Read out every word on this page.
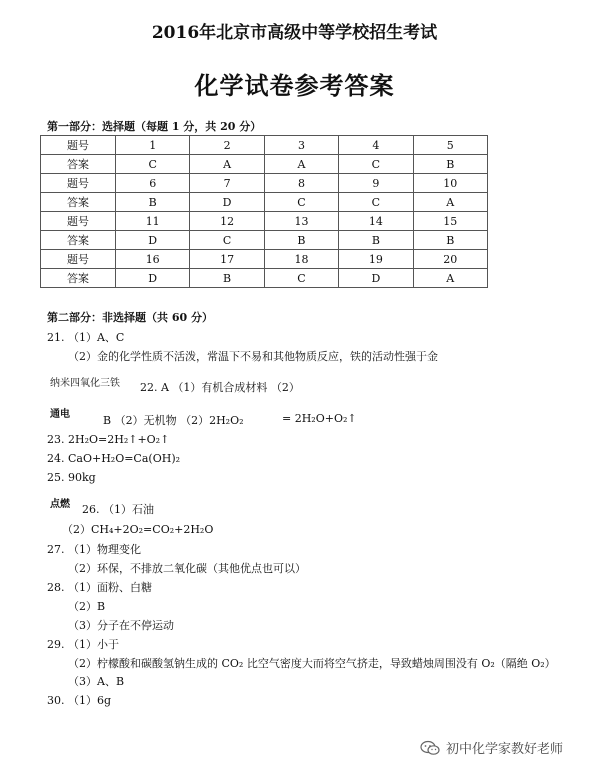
2016年北京市高级中等学校招生考试
化学试卷参考答案
第一部分：选择题（每题 1 分，共 20 分）
题号	1	2	3	4	5
答案	C	A	A	C	B
题号	6	7	8	9	10
答案	B	D	C	C	A
题号	11	12	13	14	15
答案	D	C	B	B	B
题号	16	17	18	19	20
答案	D	B	C	D	A
第二部分：非选择题（共 60 分）
21. （1）A、C
（2）金的化学性质不活泼，常温下不易和其他物质反应，铁的活动性强于金
纳米四氧化三铁 22. A （1）有机合成材料 （2）
通电	B （2）无机物 （2）2H₂O₂	= 2H₂O+O₂↑
23. 2H₂O=2H₂↑+O₂↑
24. CaO+H₂O=Ca(OH)₂
25. 90kg
点燃 26. （1）石油
（2）CH₄+2O₂=CO₂+2H₂O
27. （1）物理变化
（2）环保，不排放二氧化碳（其他优点也可以）
28. （1）面粉、白糖
（2）B
（3）分子在不停运动
29. （1）小于
（2）柠檬酸和碳酸氢钠生成的 CO₂ 比空气密度大而将空气挤走，导致蜡烛周围没有 O₂（隔绝 O₂）
（3）A、B
30. （1）6g
初中化学家教好老师
